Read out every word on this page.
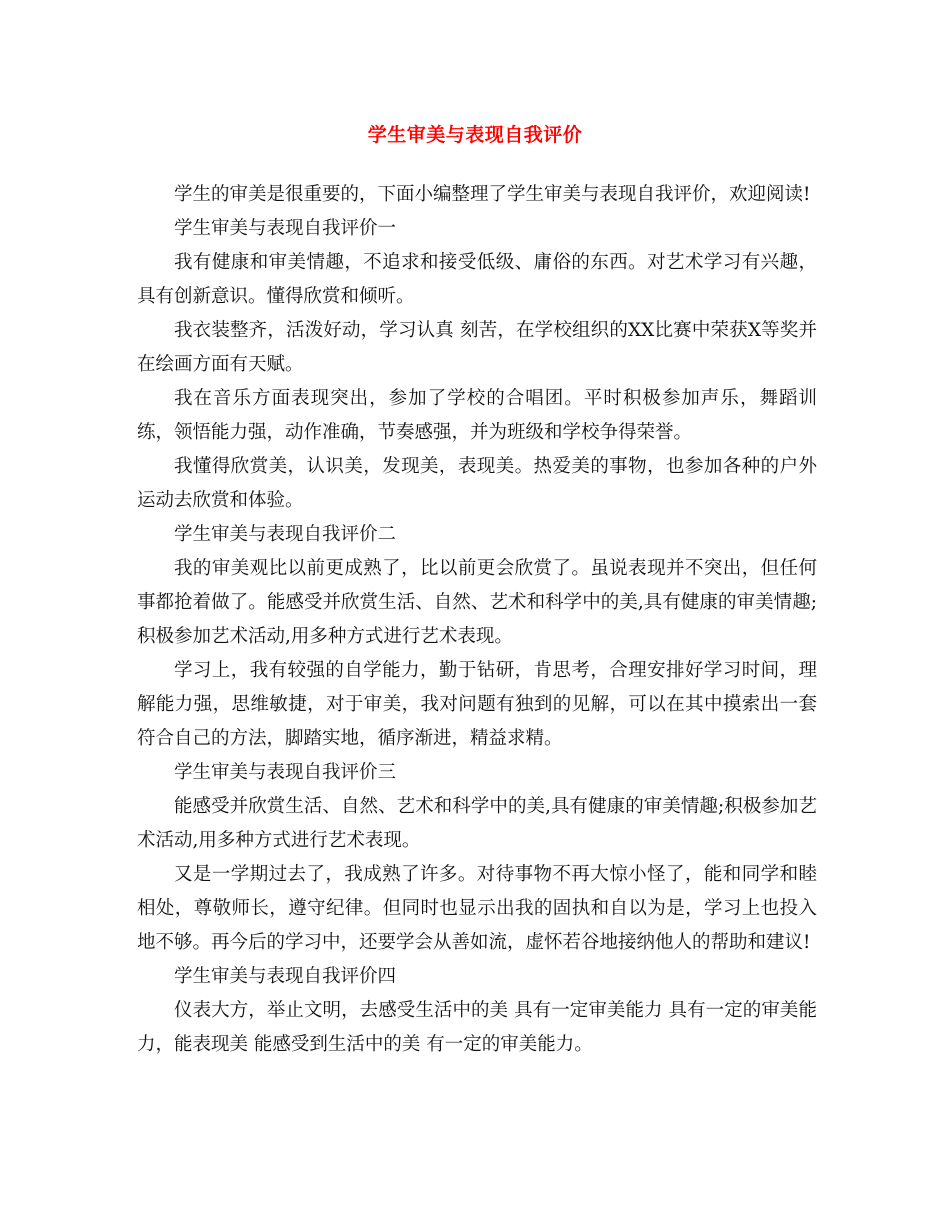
学生审美与表现自我评价

学生的审美是很重要的，下面小编整理了学生审美与表现自我评价，欢迎阅读!

学生审美与表现自我评价一

我有健康和审美情趣，不追求和接受低级、庸俗的东西。对艺术学习有兴趣，具有创新意识。懂得欣赏和倾听。

我衣装整齐，活泼好动，学习认真 刻苦，在学校组织的XX比赛中荣获X等奖并在绘画方面有天赋。

我在音乐方面表现突出，参加了学校的合唱团。平时积极参加声乐，舞蹈训练，领悟能力强，动作准确，节奏感强，并为班级和学校争得荣誉。

我懂得欣赏美，认识美，发现美，表现美。热爱美的事物，也参加各种的户外运动去欣赏和体验。

学生审美与表现自我评价二

我的审美观比以前更成熟了，比以前更会欣赏了。虽说表现并不突出，但任何事都抢着做了。能感受并欣赏生活、自然、艺术和科学中的美,具有健康的审美情趣;积极参加艺术活动,用多种方式进行艺术表现。

学习上，我有较强的自学能力，勤于钻研，肯思考，合理安排好学习时间，理解能力强，思维敏捷，对于审美，我对问题有独到的见解，可以在其中摸索出一套符合自己的方法，脚踏实地，循序渐进，精益求精。

学生审美与表现自我评价三

能感受并欣赏生活、自然、艺术和科学中的美,具有健康的审美情趣;积极参加艺术活动,用多种方式进行艺术表现。

又是一学期过去了，我成熟了许多。对待事物不再大惊小怪了，能和同学和睦相处，尊敬师长，遵守纪律。但同时也显示出我的固执和自以为是，学习上也投入地不够。再今后的学习中，还要学会从善如流，虚怀若谷地接纳他人的帮助和建议!

学生审美与表现自我评价四

仪表大方，举止文明，去感受生活中的美 具有一定审美能力 具有一定的审美能力，能表现美 能感受到生活中的美 有一定的审美能力。
